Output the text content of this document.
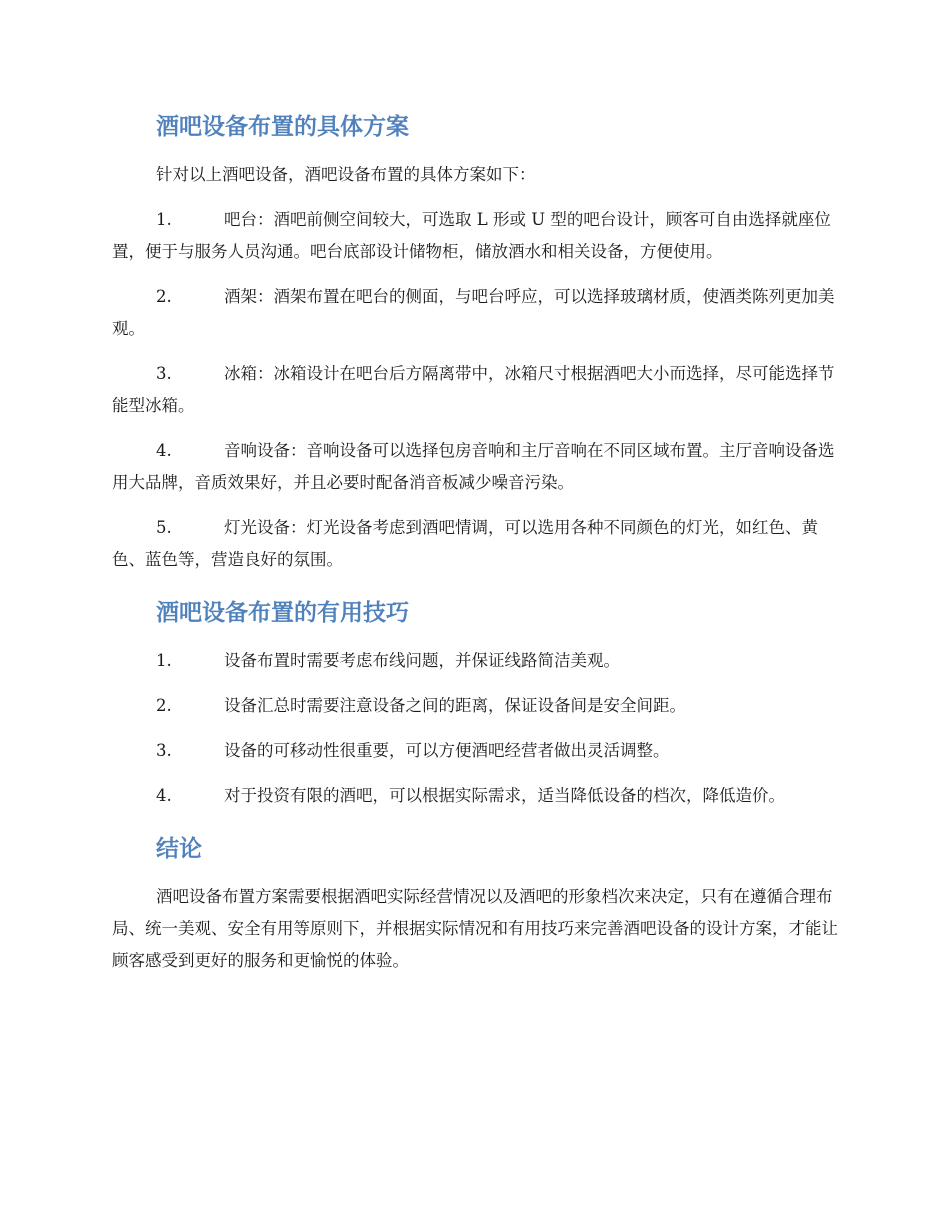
酒吧设备布置的具体方案

针对以上酒吧设备，酒吧设备布置的具体方案如下：

1.	吧台：酒吧前侧空间较大，可选取 L 形或 U 型的吧台设计，顾客可自由选择就座位置，便于与服务人员沟通。吧台底部设计储物柜，储放酒水和相关设备，方便使用。

2.	酒架：酒架布置在吧台的侧面，与吧台呼应，可以选择玻璃材质，使酒类陈列更加美观。

3.	冰箱：冰箱设计在吧台后方隔离带中，冰箱尺寸根据酒吧大小而选择，尽可能选择节能型冰箱。

4.	音响设备：音响设备可以选择包房音响和主厅音响在不同区域布置。主厅音响设备选用大品牌，音质效果好，并且必要时配备消音板减少噪音污染。

5.	灯光设备：灯光设备考虑到酒吧情调，可以选用各种不同颜色的灯光，如红色、黄色、蓝色等，营造良好的氛围。

酒吧设备布置的有用技巧

1.	设备布置时需要考虑布线问题，并保证线路简洁美观。

2.	设备汇总时需要注意设备之间的距离，保证设备间是安全间距。

3.	设备的可移动性很重要，可以方便酒吧经营者做出灵活调整。

4.	对于投资有限的酒吧，可以根据实际需求，适当降低设备的档次，降低造价。

结论

酒吧设备布置方案需要根据酒吧实际经营情况以及酒吧的形象档次来决定，只有在遵循合理布局、统一美观、安全有用等原则下，并根据实际情况和有用技巧来完善酒吧设备的设计方案，才能让顾客感受到更好的服务和更愉悦的体验。
